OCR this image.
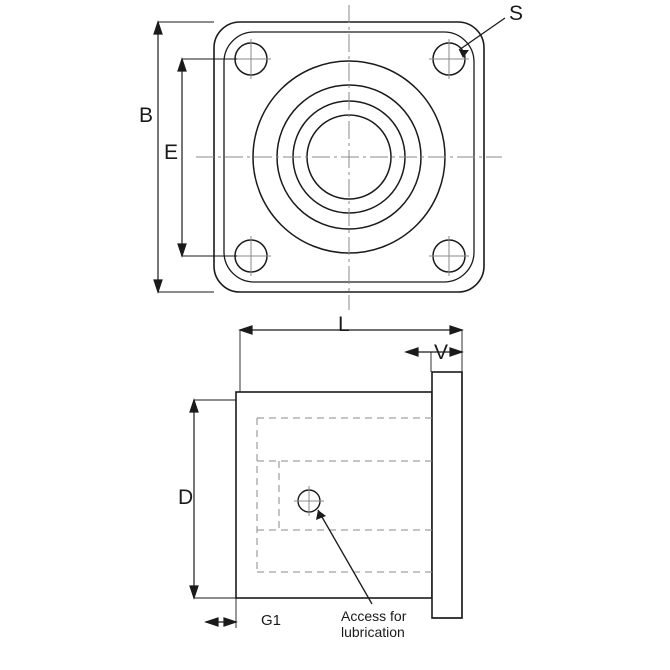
B
E
S
L
V
D
G1	Access for
lubrication
